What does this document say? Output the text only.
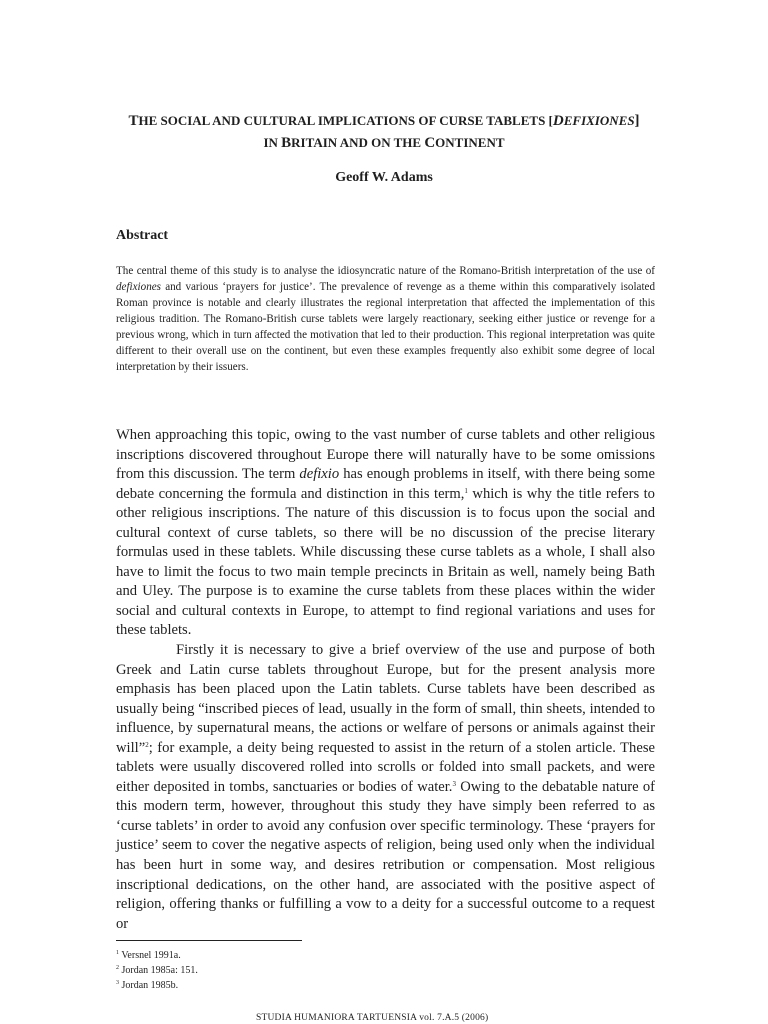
THE SOCIAL AND CULTURAL IMPLICATIONS OF CURSE TABLETS [DEFIXIONES]
IN BRITAIN AND ON THE CONTINENT
Geoff W. Adams
Abstract

The central theme of this study is to analyse the idiosyncratic nature of the Romano-British interpretation of the use of defixiones and various ‘prayers for justice’. The prevalence of revenge as a theme within this comparatively isolated Roman province is notable and clearly illustrates the regional interpretation that affected the implementation of this religious tradition. The Romano-British curse tablets were largely reactionary, seeking either justice or revenge for a previous wrong, which in turn affected the motivation that led to their production. This regional interpretation was quite different to their overall use on the continent, but even these examples frequently also exhibit some degree of local interpretation by their issuers.

When approaching this topic, owing to the vast number of curse tablets and other religious inscriptions discovered throughout Europe there will naturally have to be some omissions from this discussion. The term defixio has enough problems in itself, with there being some debate concerning the formula and distinction in this term,$^1$ which is why the title refers to other religious inscriptions. The nature of this discussion is to focus upon the social and cultural context of curse tablets, so there will be no discussion of the precise literary formulas used in these tablets. While discussing these curse tablets as a whole, I shall also have to limit the focus to two main temple precincts in Britain as well, namely being Bath and Uley. The purpose is to examine the curse tablets from these places within the wider social and cultural contexts in Europe, to attempt to find regional variations and uses for these tablets.

Firstly it is necessary to give a brief overview of the use and purpose of both Greek and Latin curse tablets throughout Europe, but for the present analysis more emphasis has been placed upon the Latin tablets. Curse tablets have been described as usually being “inscribed pieces of lead, usually in the form of small, thin sheets, intended to influence, by supernatural means, the actions or welfare of persons or animals against their will”$^2$; for example, a deity being requested to assist in the return of a stolen article. These tablets were usually discovered rolled into scrolls or folded into small packets, and were either deposited in tombs, sanctuaries or bodies of water.$^3$ Owing to the debatable nature of this modern term, however, throughout this study they have simply been referred to as ‘curse tablets’ in order to avoid any confusion over specific terminology. These ‘prayers for justice’ seem to cover the negative aspects of religion, being used only when the individual has been hurt in some way, and desires retribution or compensation. Most religious inscriptional dedications, on the other hand, are associated with the positive aspect of religion, offering thanks or fulfilling a vow to a deity for a successful outcome to a request or

$^1$ Versnel 1991a.
$^2$ Jordan 1985a: 151.
$^3$ Jordan 1985b.
STUDIA HUMANIORA TARTUENSIA vol. 7.A.5 (2006)
